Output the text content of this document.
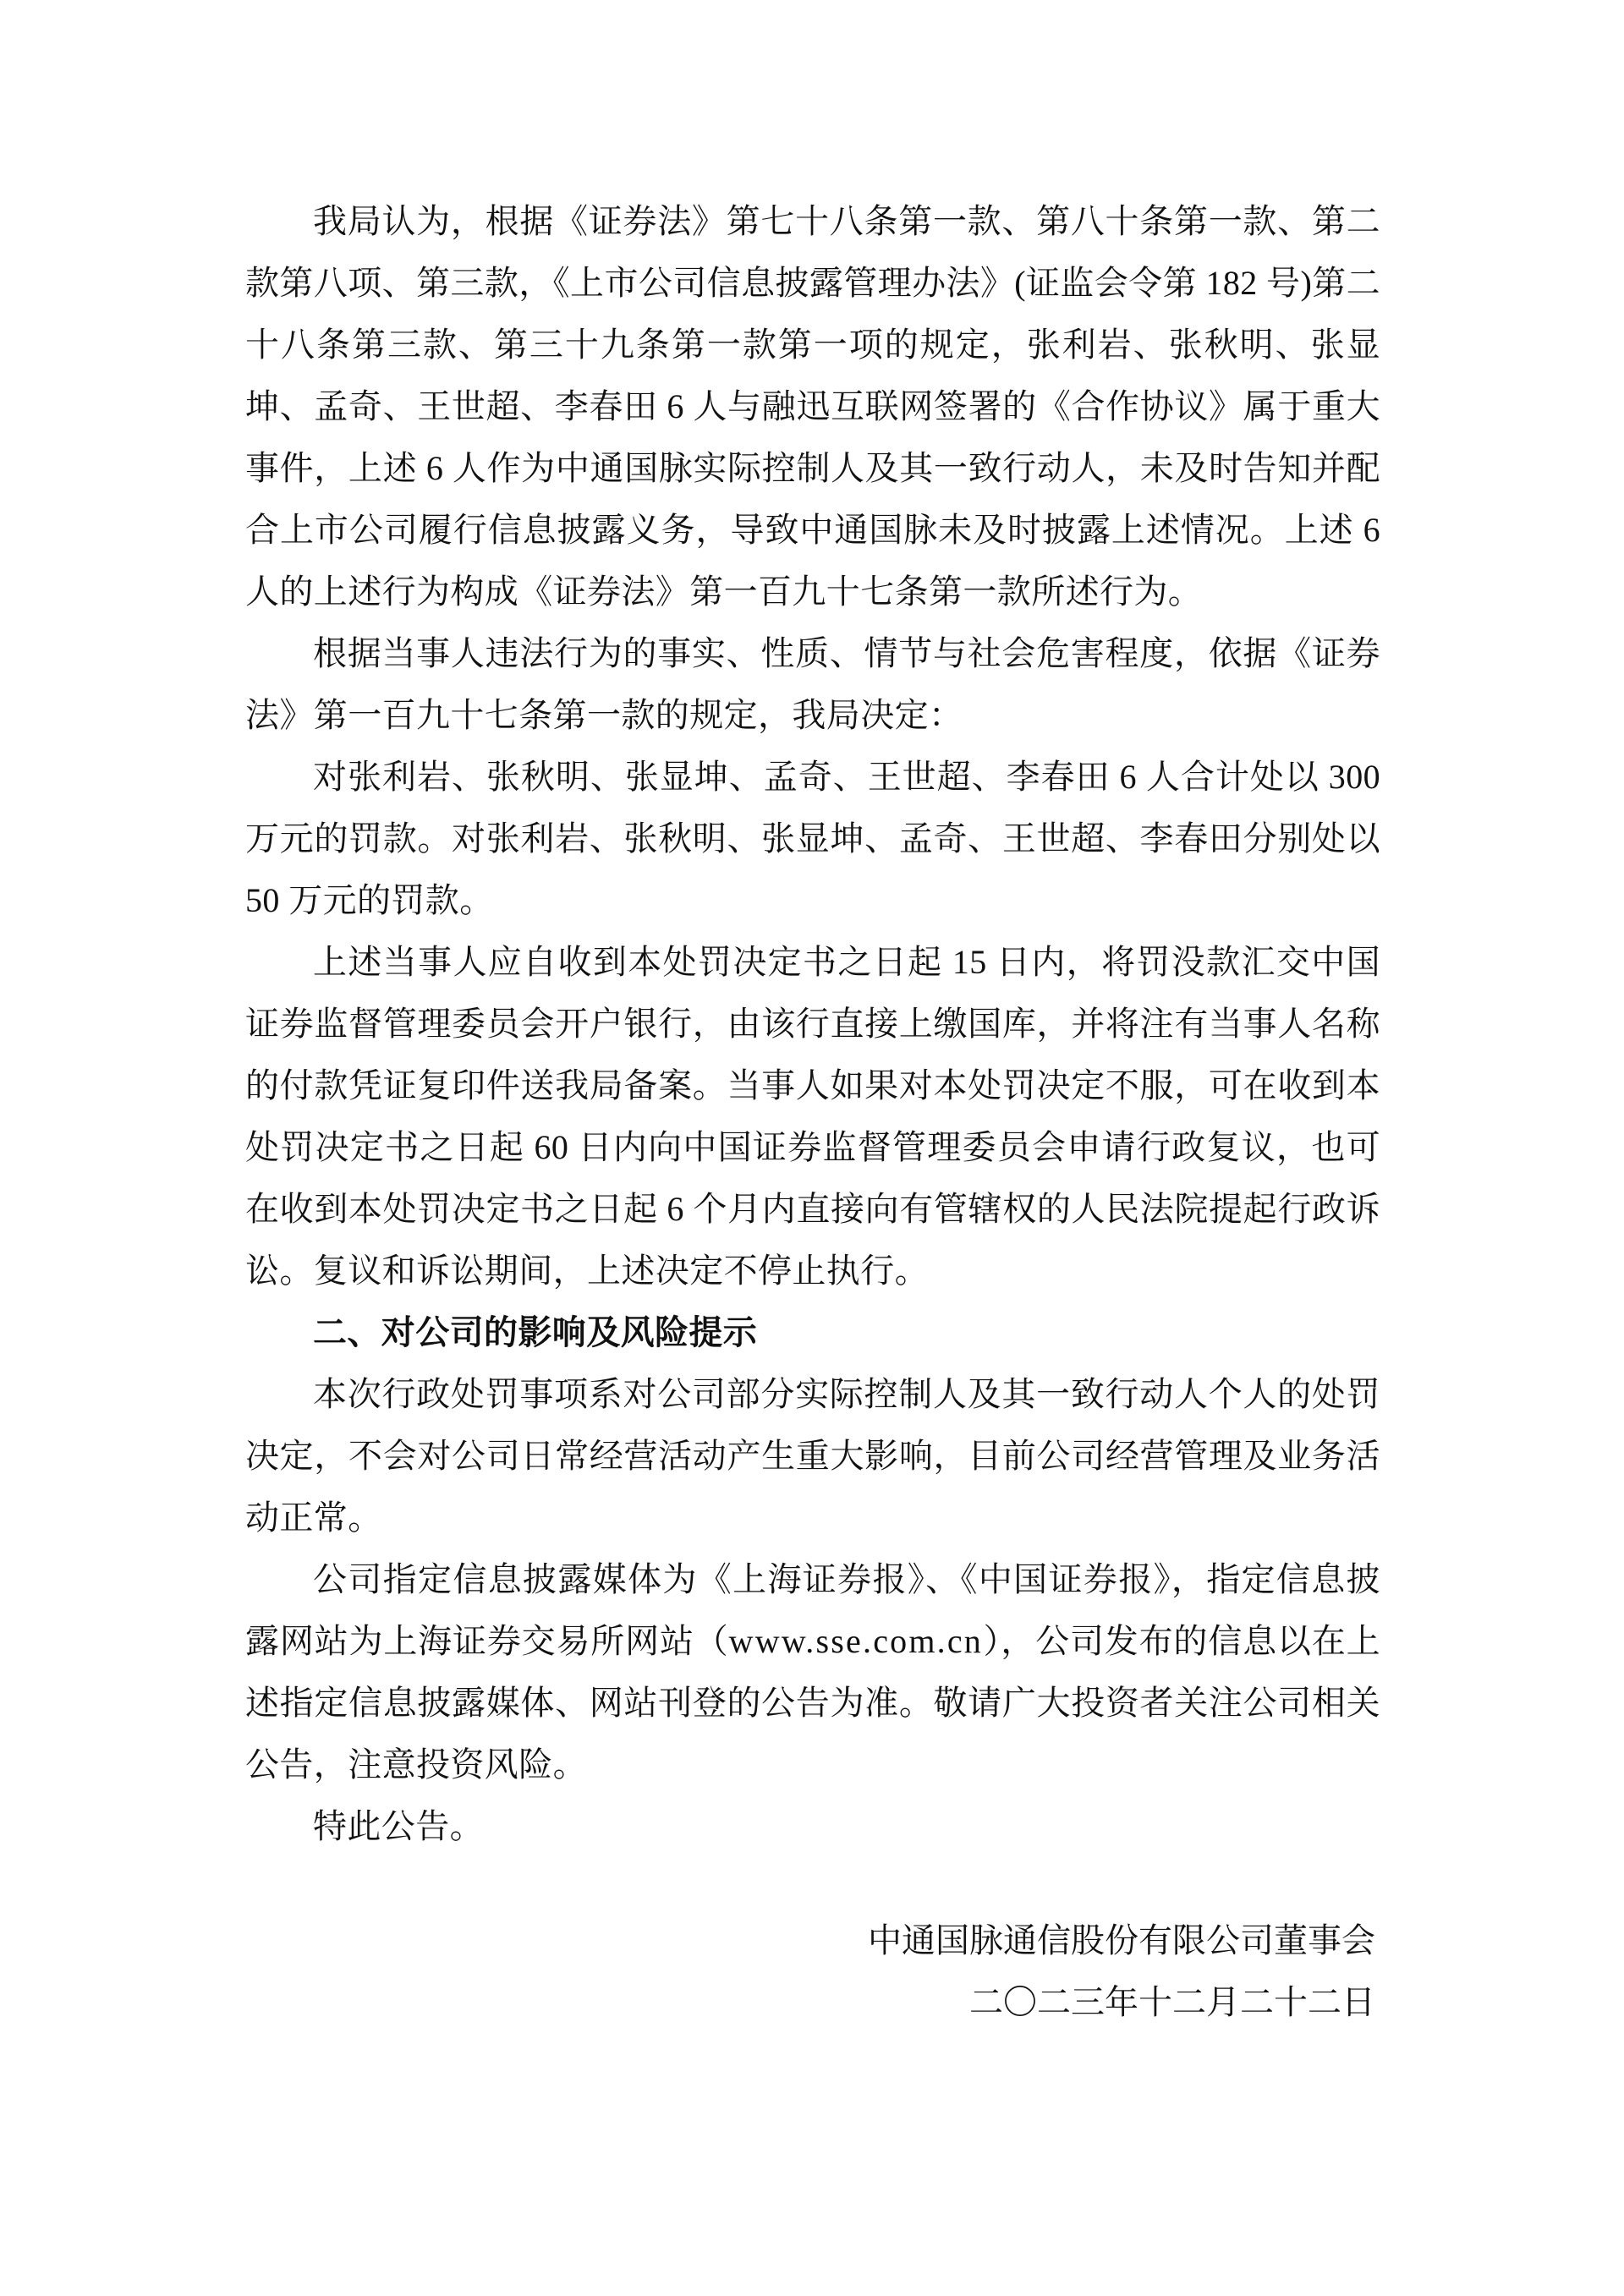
我局认为，根据《证券法》第七十八条第一款、第八十条第一款、第二款第八项、第三款，《上市公司信息披露管理办法》(证监会令第 182 号)第二十八条第三款、第三十九条第一款第一项的规定，张利岩、张秋明、张显坤、孟奇、王世超、李春田 6 人与融迅互联网签署的《合作协议》属于重大事件，上述 6 人作为中通国脉实际控制人及其一致行动人，未及时告知并配合上市公司履行信息披露义务，导致中通国脉未及时披露上述情况。上述 6 人的上述行为构成《证券法》第一百九十七条第一款所述行为。

根据当事人违法行为的事实、性质、情节与社会危害程度，依据《证券法》第一百九十七条第一款的规定，我局决定：

对张利岩、张秋明、张显坤、孟奇、王世超、李春田 6 人合计处以 300 万元的罚款。对张利岩、张秋明、张显坤、孟奇、王世超、李春田分别处以 50 万元的罚款。

上述当事人应自收到本处罚决定书之日起 15 日内，将罚没款汇交中国证券监督管理委员会开户银行，由该行直接上缴国库，并将注有当事人名称的付款凭证复印件送我局备案。当事人如果对本处罚决定不服，可在收到本处罚决定书之日起 60 日内向中国证券监督管理委员会申请行政复议，也可在收到本处罚决定书之日起 6 个月内直接向有管辖权的人民法院提起行政诉讼。复议和诉讼期间，上述决定不停止执行。

二、对公司的影响及风险提示

本次行政处罚事项系对公司部分实际控制人及其一致行动人个人的处罚决定，不会对公司日常经营活动产生重大影响，目前公司经营管理及业务活动正常。

公司指定信息披露媒体为《上海证券报》、《中国证券报》，指定信息披露网站为上海证券交易所网站（www.sse.com.cn），公司发布的信息以在上述指定信息披露媒体、网站刊登的公告为准。敬请广大投资者关注公司相关公告，注意投资风险。

特此公告。

中通国脉通信股份有限公司董事会
二〇二三年十二月二十二日
